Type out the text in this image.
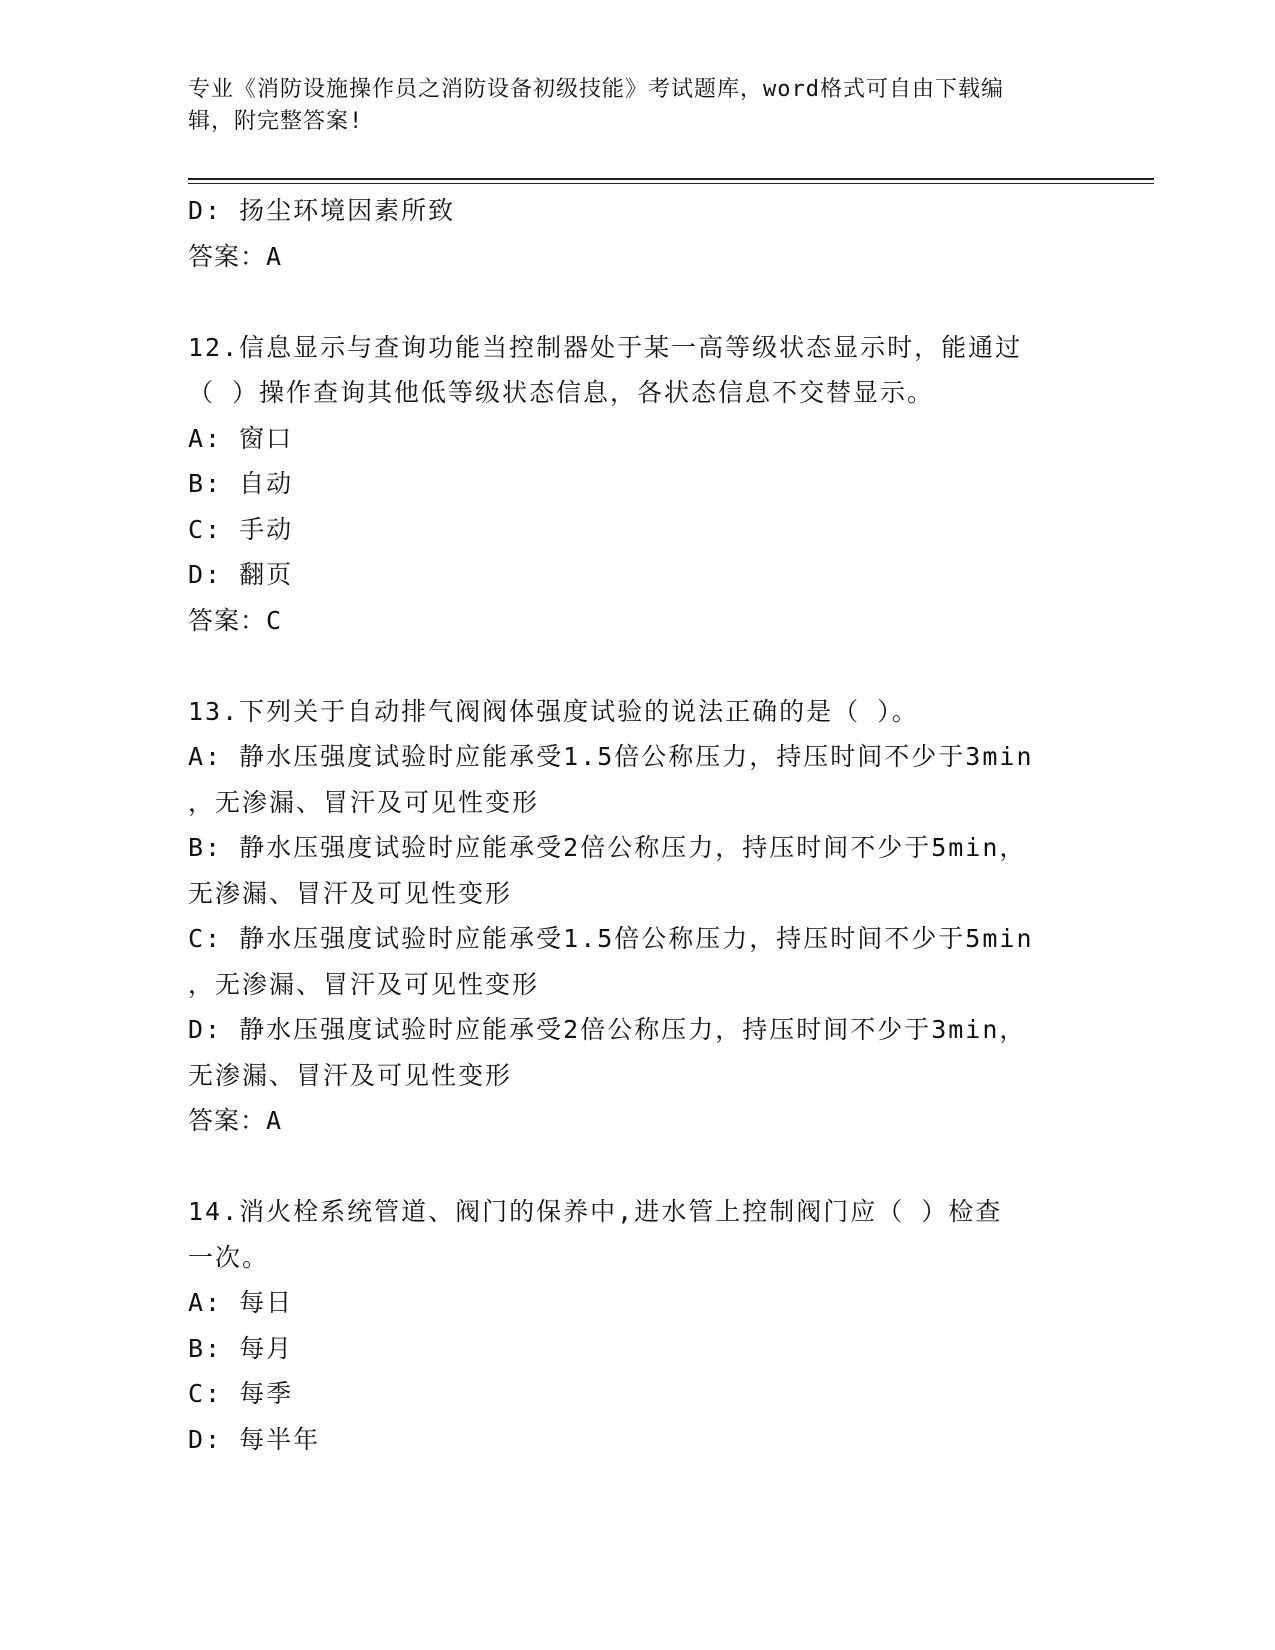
专业《消防设施操作员之消防设备初级技能》考试题库，word格式可自由下载编
辑，附完整答案!
D: 扬尘环境因素所致
答案：A
12.信息显示与查询功能当控制器处于某一高等级状态显示时，能通过
（ ）操作查询其他低等级状态信息，各状态信息不交替显示。
A: 窗口
B: 自动
C: 手动
D: 翻页
答案：C
13.下列关于自动排气阀阀体强度试验的说法正确的是（ ）。
A: 静水压强度试验时应能承受1.5倍公称压力，持压时间不少于3min
，无渗漏、冒汗及可见性变形
B: 静水压强度试验时应能承受2倍公称压力，持压时间不少于5min，
无渗漏、冒汗及可见性变形
C: 静水压强度试验时应能承受1.5倍公称压力，持压时间不少于5min
，无渗漏、冒汗及可见性变形
D: 静水压强度试验时应能承受2倍公称压力，持压时间不少于3min，
无渗漏、冒汗及可见性变形
答案：A
14.消火栓系统管道、阀门的保养中,进水管上控制阀门应（ ）检查
一次。
A: 每日
B: 每月
C: 每季
D: 每半年
